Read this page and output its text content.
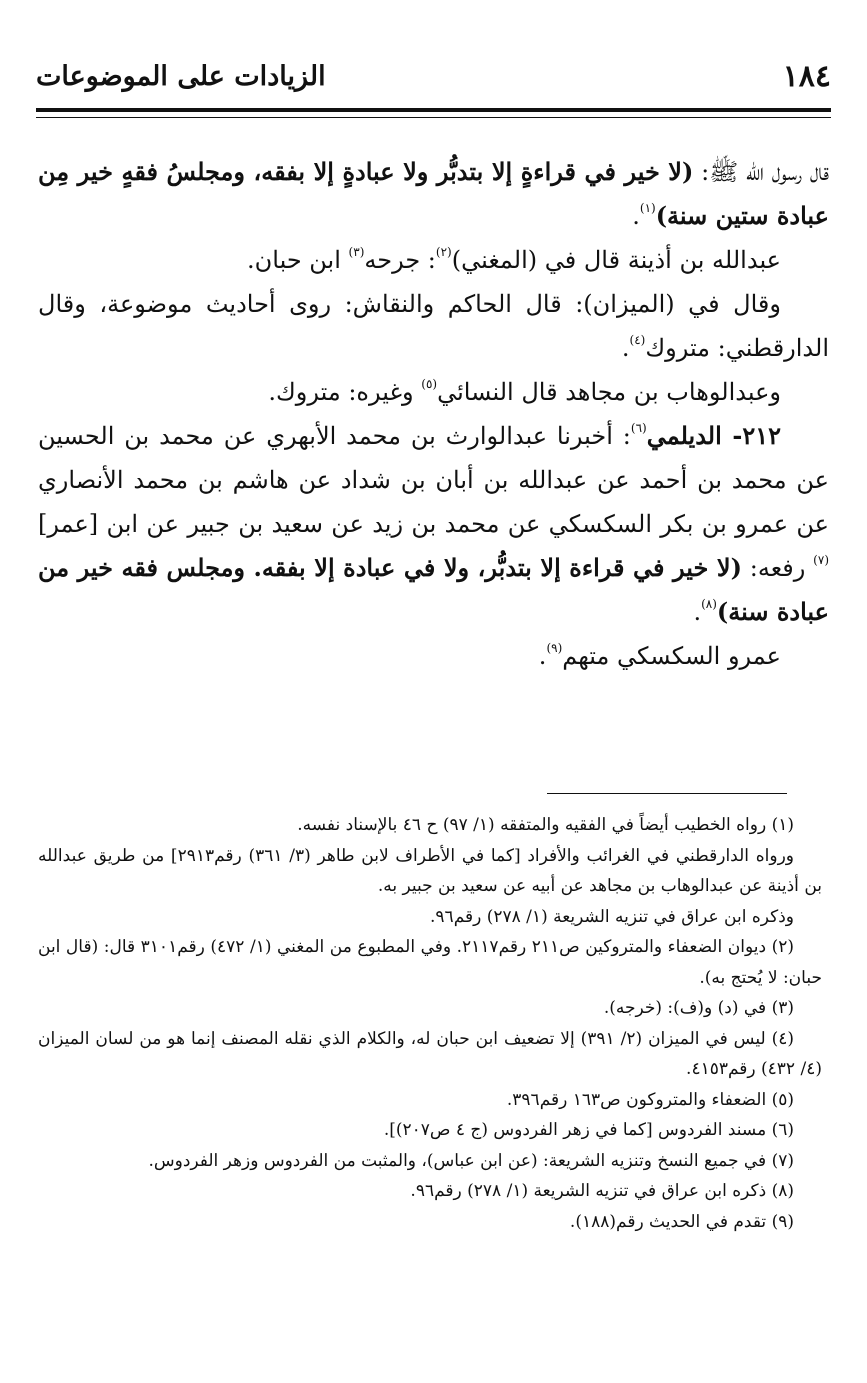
الزيادات على الموضوعات	١٨٤

قال رسول الله ﷺ: (لا خير في قراءةٍ إلا بتدبُّر ولا عبادةٍ إلا بفقه، ومجلسُ فقهٍ خير مِن عبادة ستين سنة)$^{(١)}$.

عبدالله بن أذينة قال في (المغني)$^{(٢)}$: جرحه$^{(٣)}$ ابن حبان.

وقال في (الميزان): قال الحاكم والنقاش: روى أحاديث موضوعة، وقال الدارقطني: متروك$^{(٤)}$.

وعبدالوهاب بن مجاهد قال النسائي$^{(٥)}$ وغيره: متروك.

٢١٢- الديلمي$^{(٦)}$: أخبرنا عبدالوارث بن محمد الأبهري عن محمد بن الحسين عن محمد بن أحمد عن عبدالله بن أبان بن شداد عن هاشم بن محمد الأنصاري عن عمرو بن بكر السكسكي عن محمد بن زيد عن سعيد بن جبير عن ابن [عمر]$^{(٧)}$ رفعه: (لا خير في قراءة إلا بتدبُّر، ولا في عبادة إلا بفقه. ومجلس فقه خير من عبادة سنة)$^{(٨)}$.

عمرو السكسكي متهم$^{(٩)}$.

(١) رواه الخطيب أيضاً في الفقيه والمتفقه (١/ ٩٧) ح ٤٦ بالإسناد نفسه.

ورواه الدارقطني في الغرائب والأفراد [كما في الأطراف لابن طاهر (٣/ ٣٦١) رقم٢٩١٣] من طريق عبدالله بن أذينة عن عبدالوهاب بن مجاهد عن أبيه عن سعيد بن جبير به.

وذكره ابن عراق في تنزيه الشريعة (١/ ٢٧٨) رقم٩٦.

(٢) ديوان الضعفاء والمتروكين ص٢١١ رقم٢١١٧. وفي المطبوع من المغني (١/ ٤٧٢) رقم٣١٠١ قال: (قال ابن حبان: لا يُحتج به).

(٣) في (د) و(ف): (خرجه).

(٤) ليس في الميزان (٢/ ٣٩١) إلا تضعيف ابن حبان له، والكلام الذي نقله المصنف إنما هو من لسان الميزان (٤/ ٤٣٢) رقم٤١٥٣.

(٥) الضعفاء والمتروكون ص١٦٣ رقم٣٩٦.

(٦) مسند الفردوس [كما في زهر الفردوس (ج ٤ ص٢٠٧)].

(٧) في جميع النسخ وتنزيه الشريعة: (عن ابن عباس)، والمثبت من الفردوس وزهر الفردوس.

(٨) ذكره ابن عراق في تنزيه الشريعة (١/ ٢٧٨) رقم٩٦.

(٩) تقدم في الحديث رقم(١٨٨).
